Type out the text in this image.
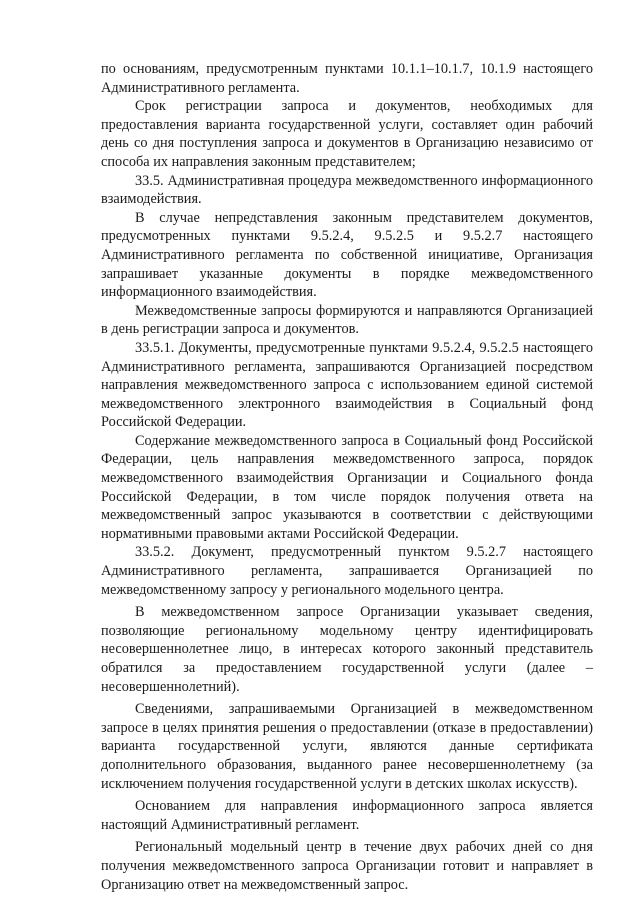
по основаниям, предусмотренным пунктами 10.1.1–10.1.7, 10.1.9 настоящего Административного регламента.

Срок регистрации запроса и документов, необходимых для предоставления варианта государственной услуги, составляет один рабочий день со дня поступления запроса и документов в Организацию независимо от способа их направления законным представителем;

33.5. Административная процедура межведомственного информационного взаимодействия.

В случае непредставления законным представителем документов, предусмотренных пунктами 9.5.2.4, 9.5.2.5 и 9.5.2.7 настоящего Административного регламента по собственной инициативе, Организация запрашивает указанные документы в порядке межведомственного информационного взаимодействия.

Межведомственные запросы формируются и направляются Организацией в день регистрации запроса и документов.

33.5.1. Документы, предусмотренные пунктами 9.5.2.4, 9.5.2.5 настоящего Административного регламента, запрашиваются Организацией посредством направления межведомственного запроса с использованием единой системой межведомственного электронного взаимодействия в Социальный фонд Российской Федерации.

Содержание межведомственного запроса в Социальный фонд Российской Федерации, цель направления межведомственного запроса, порядок межведомственного взаимодействия Организации и Социального фонда Российской Федерации, в том числе порядок получения ответа на межведомственный запрос указываются в соответствии с действующими нормативными правовыми актами Российской Федерации.

33.5.2. Документ, предусмотренный пунктом 9.5.2.7 настоящего Административного регламента, запрашивается Организацией по межведомственному запросу у регионального модельного центра.

В межведомственном запросе Организации указывает сведения, позволяющие региональному модельному центру идентифицировать несовершеннолетнее лицо, в интересах которого законный представитель обратился за предоставлением государственной услуги (далее – несовершеннолетний).

Сведениями, запрашиваемыми Организацией в межведомственном запросе в целях принятия решения о предоставлении (отказе в предоставлении) варианта государственной услуги, являются данные сертификата дополнительного образования, выданного ранее несовершеннолетнему (за исключением получения государственной услуги в детских школах искусств).

Основанием для направления информационного запроса является настоящий Административный регламент.

Региональный модельный центр в течение двух рабочих дней со дня получения межведомственного запроса Организации готовит и направляет в Организацию ответ на межведомственный запрос.
